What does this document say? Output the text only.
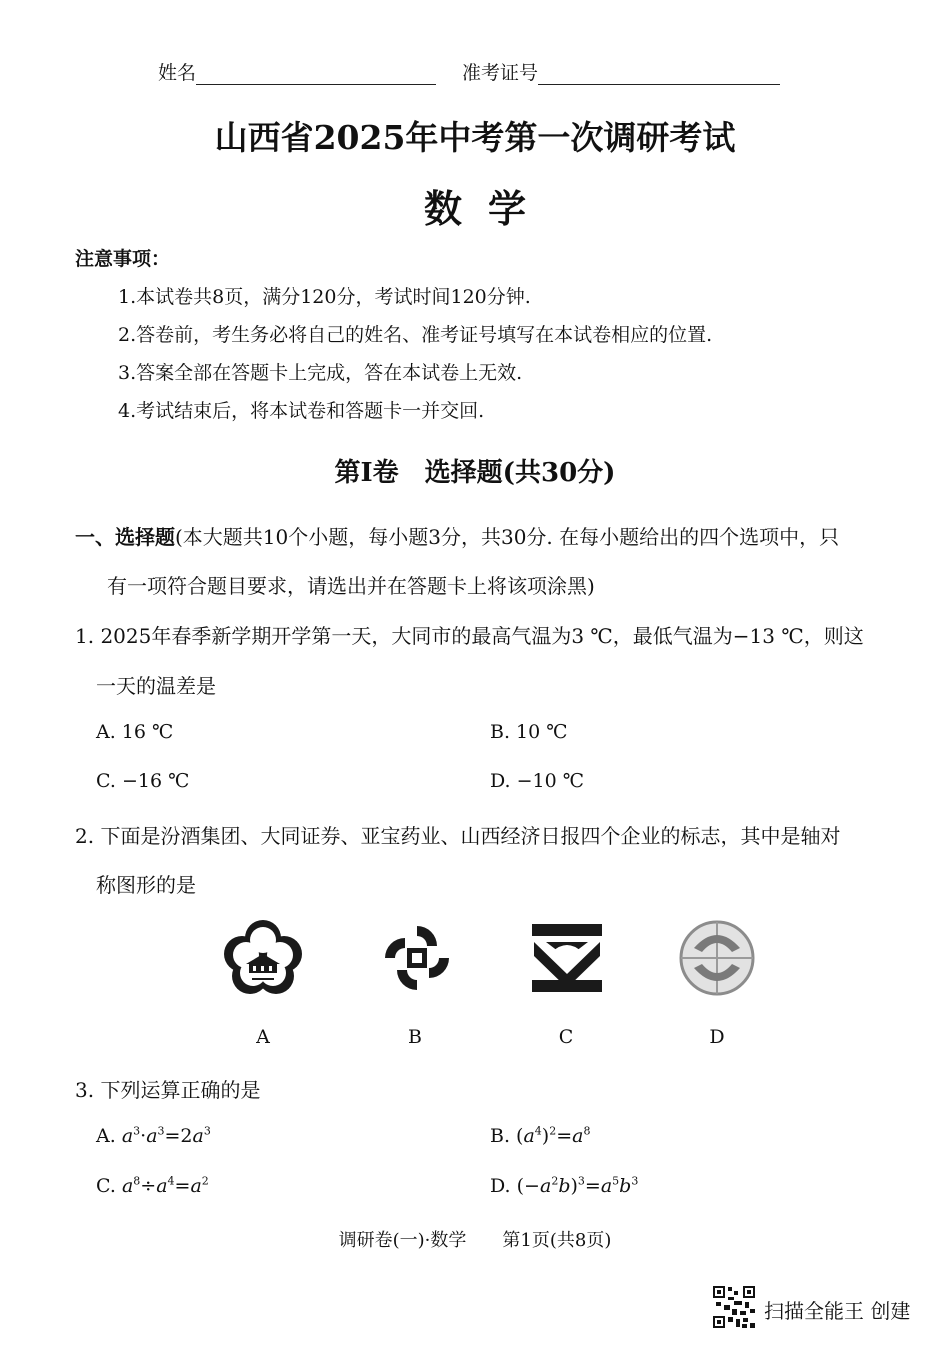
姓名	准考证号
山西省2025年中考第一次调研考试
数学
注意事项：
1.本试卷共8页，满分120分，考试时间120分钟.
2.答卷前，考生务必将自己的姓名、准考证号填写在本试卷相应的位置.
3.答案全部在答题卡上完成，答在本试卷上无效.
4.考试结束后，将本试卷和答题卡一并交回.
第Ⅰ卷　选择题(共30分)
一、选择题(本大题共10个小题，每小题3分，共30分. 在每小题给出的四个选项中，只
有一项符合题目要求，请选出并在答题卡上将该项涂黑)
1. 2025年春季新学期开学第一天，大同市的最高气温为3 ℃，最低气温为−13 ℃，则这
一天的温差是
A. 16 ℃	B. 10 ℃
C. −16 ℃	D. −10 ℃
2. 下面是汾酒集团、大同证券、亚宝药业、山西经济日报四个企业的标志，其中是轴对
称图形的是
A	B	C	D
3. 下列运算正确的是
A. $a^3\cdot a^3=2a^3$	B. $(a^4)^2=a^8$
C. $a^8\div a^4=a^2$	D. $(-a^2b)^3=a^5b^3$
调研卷(一)·数学　　第1页(共8页)
扫描全能王 创建
